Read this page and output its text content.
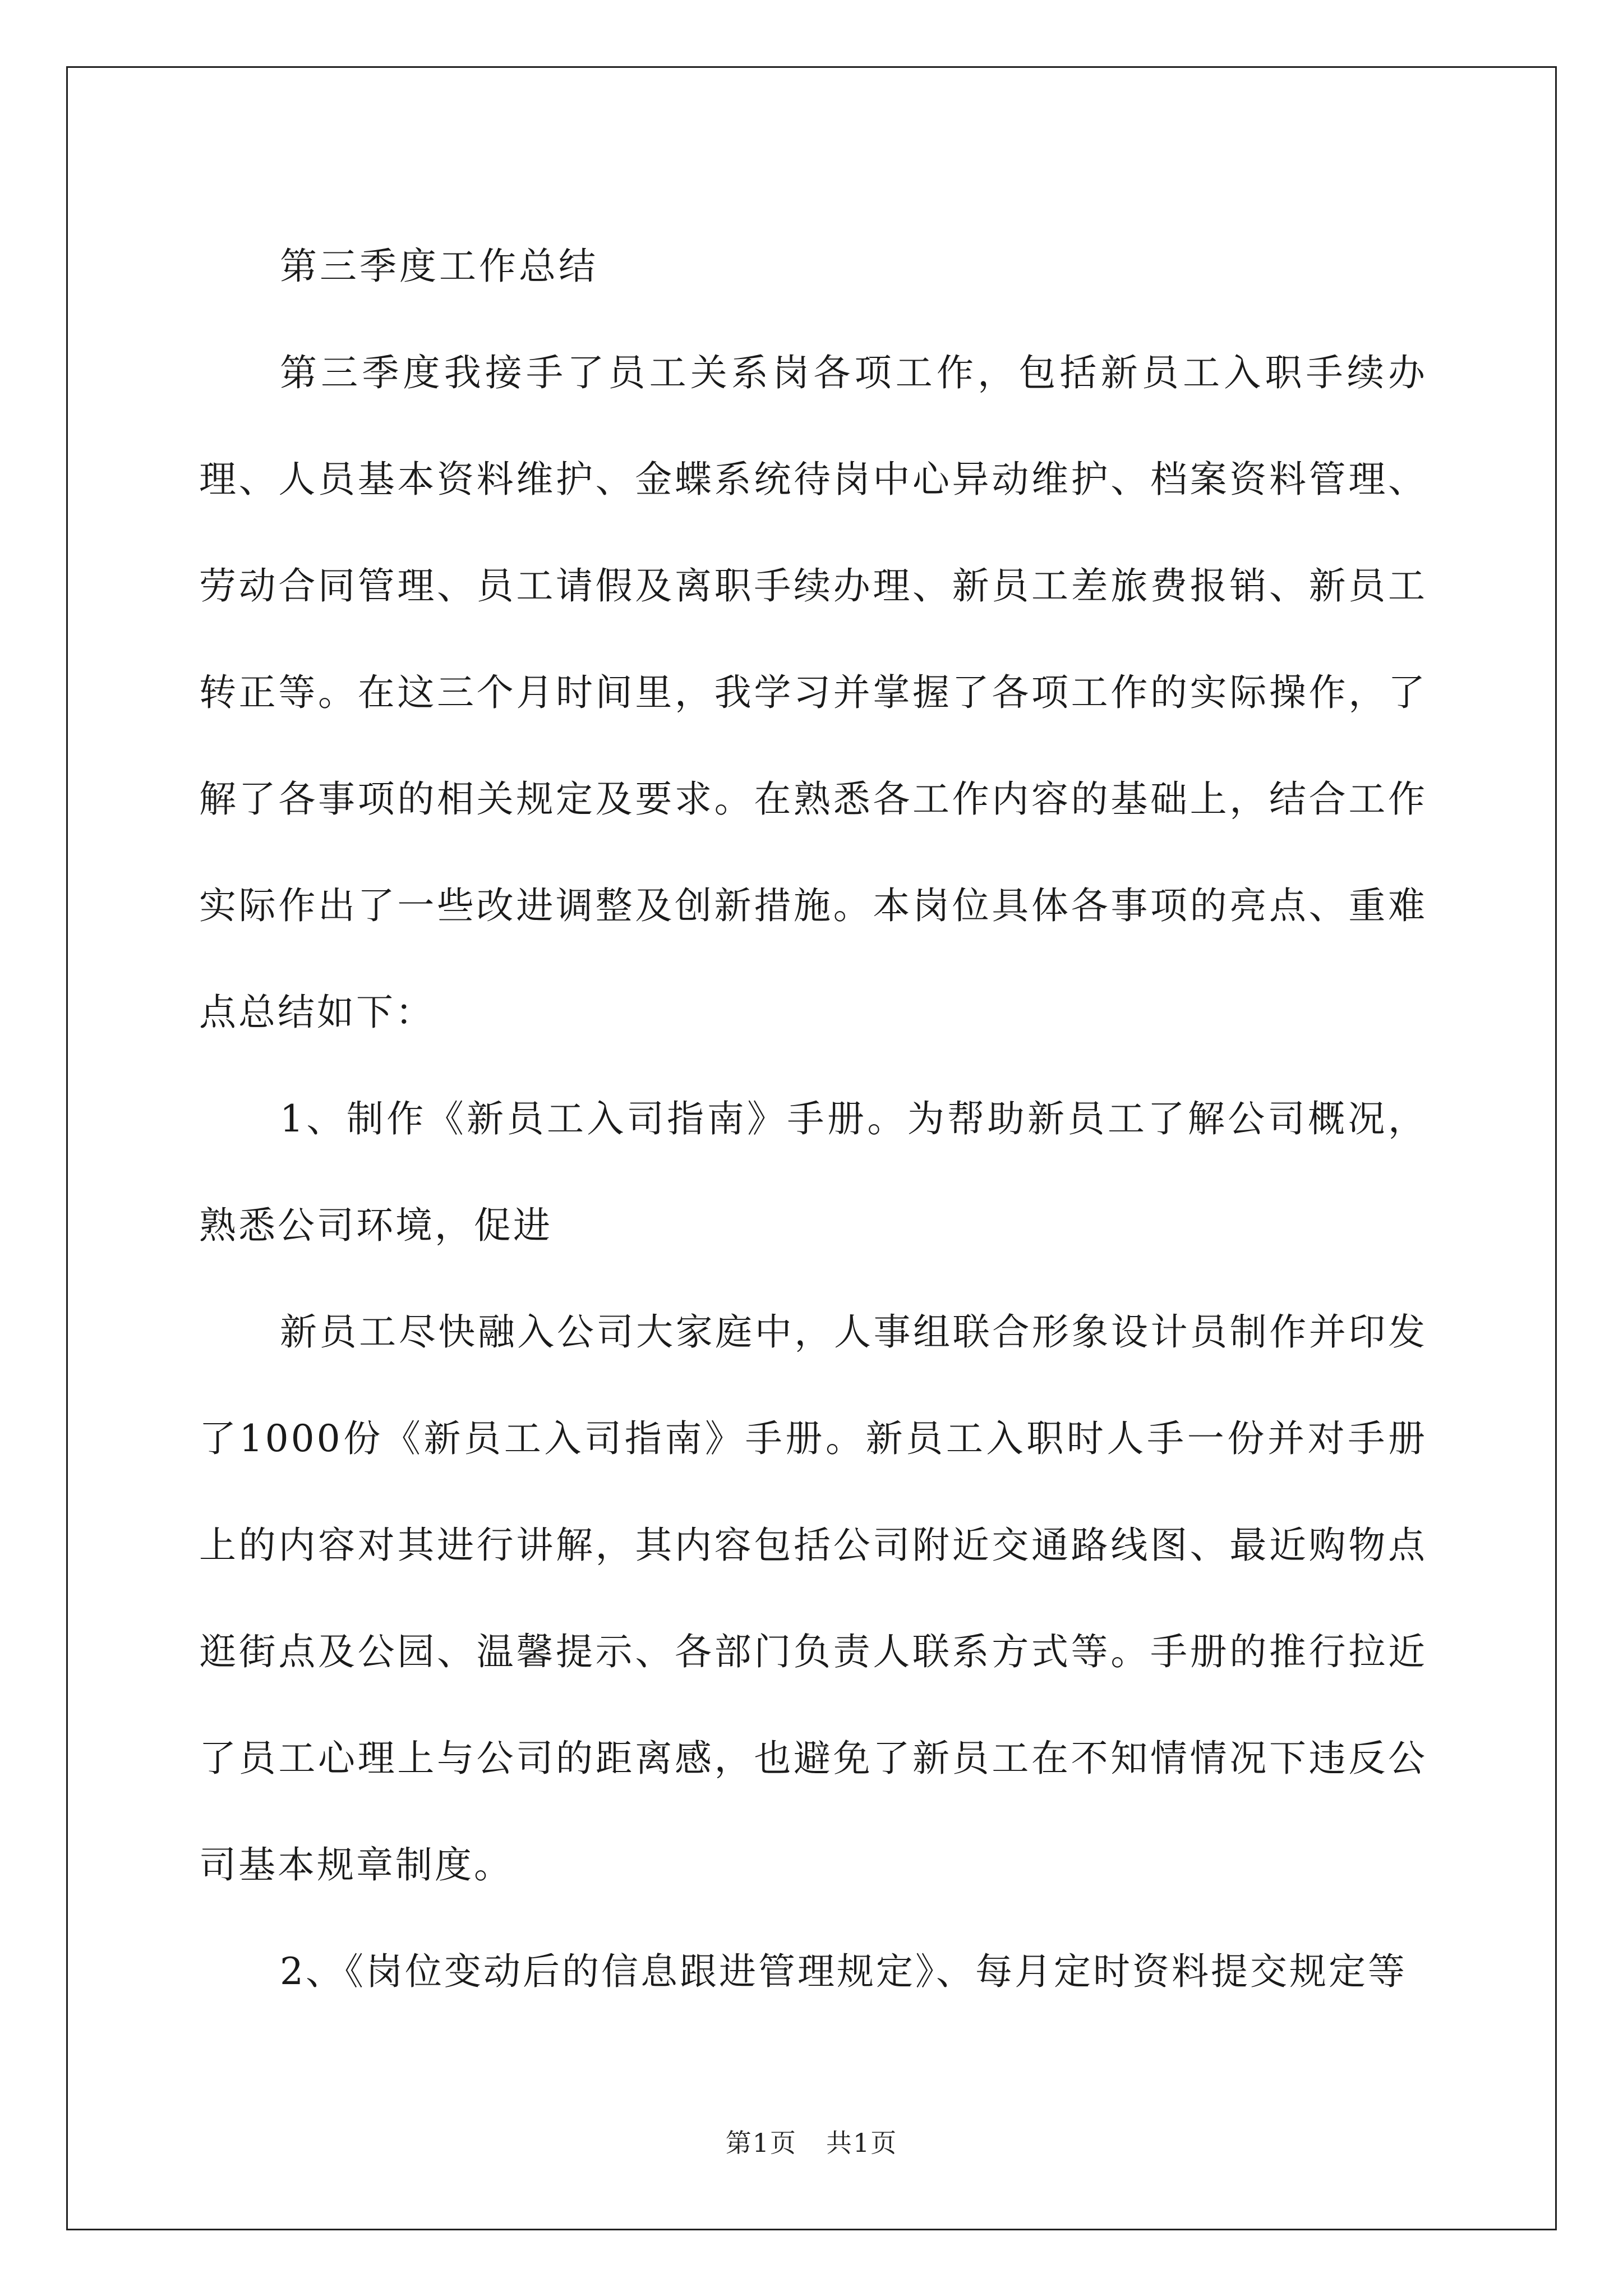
第三季度工作总结

第三季度我接手了员工关系岗各项工作，包括新员工入职手续办理、人员基本资料维护、金蝶系统待岗中心异动维护、档案资料管理、劳动合同管理、员工请假及离职手续办理、新员工差旅费报销、新员工转正等。在这三个月时间里，我学习并掌握了各项工作的实际操作，了解了各事项的相关规定及要求。在熟悉各工作内容的基础上，结合工作实际作出了一些改进调整及创新措施。本岗位具体各事项的亮点、重难点总结如下：

1、制作《新员工入司指南》手册。为帮助新员工了解公司概况，熟悉公司环境，促进

新员工尽快融入公司大家庭中，人事组联合形象设计员制作并印发了1000份《新员工入司指南》手册。新员工入职时人手一份并对手册上的内容对其进行讲解，其内容包括公司附近交通路线图、最近购物点逛街点及公园、温馨提示、各部门负责人联系方式等。手册的推行拉近了员工心理上与公司的距离感，也避免了新员工在不知情情况下违反公司基本规章制度。

2、《岗位变动后的信息跟进管理规定》、每月定时资料提交规定等

第1页 共1页
